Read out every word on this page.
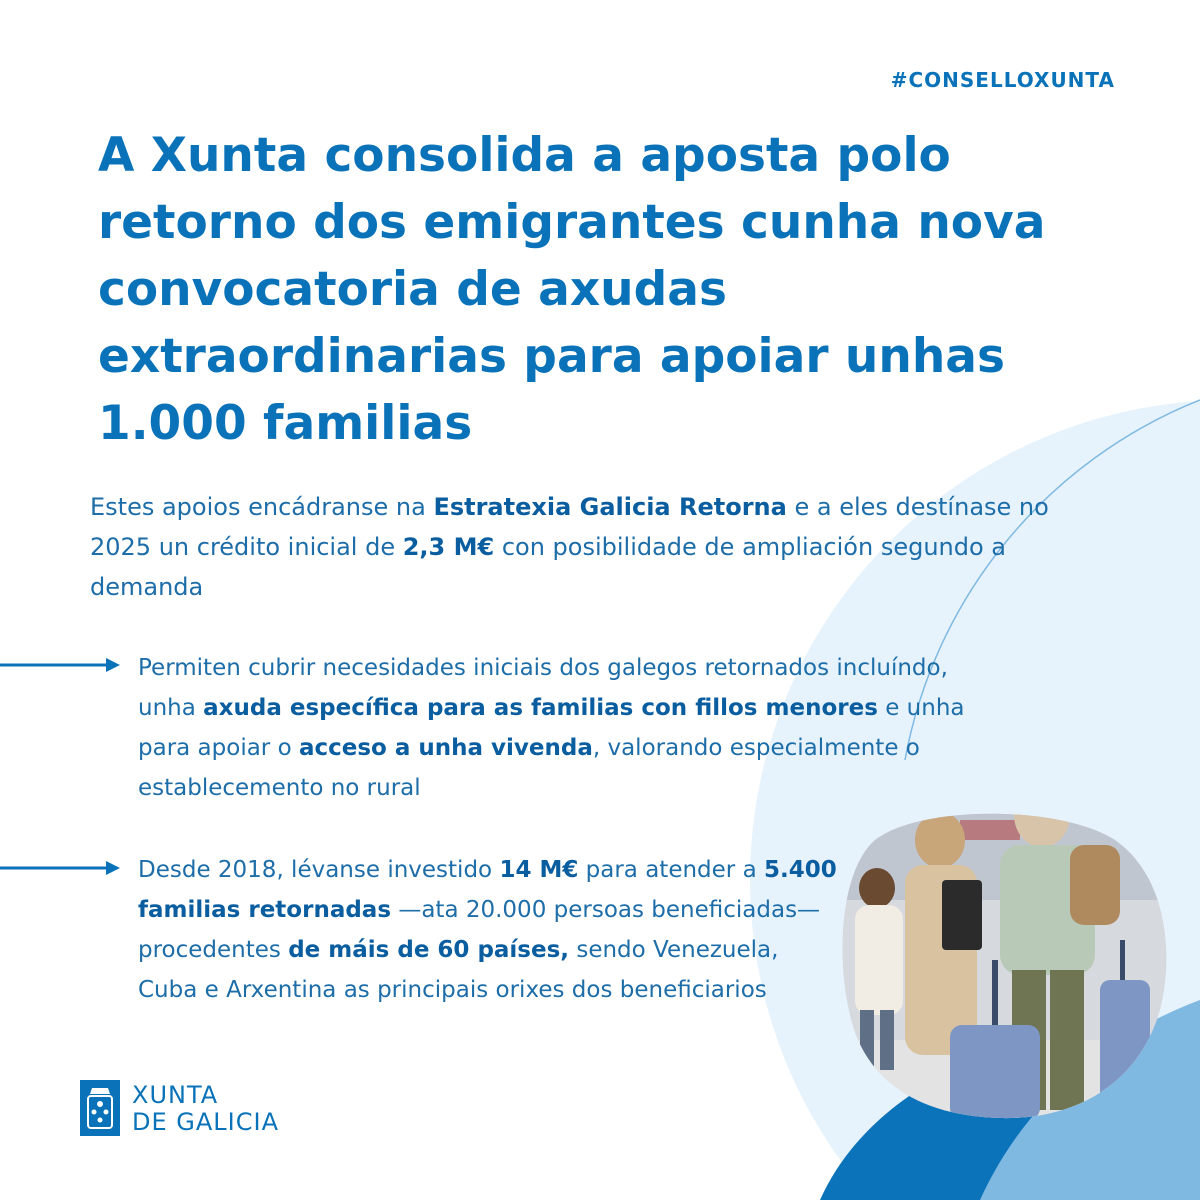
#CONSELLOXUNTA
A Xunta consolida a aposta polo retorno dos emigrantes cunha nova convocatoria de axudas extraordinarias para apoiar unhas 1.000 familias

Estes apoios encádranse na Estratexia Galicia Retorna e a eles destínase no 2025 un crédito inicial de 2,3 M€ con posibilidade de ampliación segundo a demanda

Permiten cubrir necesidades iniciais dos galegos retornados incluíndo, unha axuda específica para as familias con fillos menores e unha para apoiar o acceso a unha vivenda, valorando especialmente o establecemento no rural

Desde 2018, lévanse investido 14 M€ para atender a 5.400 familias retornadas —ata 20.000 persoas beneficiadas— procedentes de máis de 60 países, sendo Venezuela, Cuba e Arxentina as principais orixes dos beneficiarios

XUNTA
DE GALICIA
